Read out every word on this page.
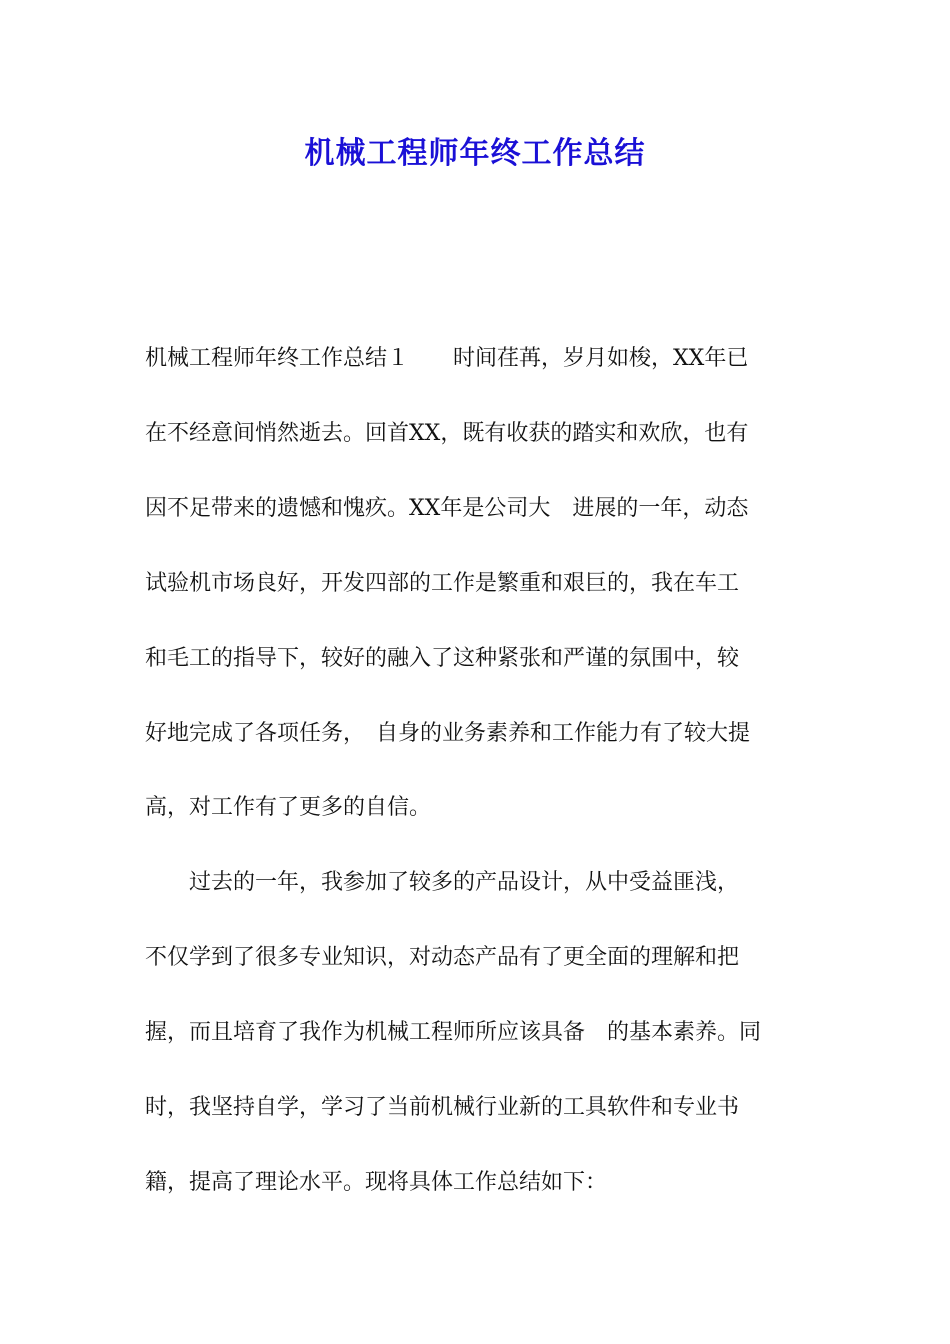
机械工程师年终工作总结
机械工程师年终工作总结１　　时间荏苒，岁月如梭，XX年已
在不经意间悄然逝去。回首XX，既有收获的踏实和欢欣，也有
因不足带来的遗憾和愧疚。XX年是公司大　进展的一年，动态
试验机市场良好，开发四部的工作是繁重和艰巨的，我在车工
和毛工的指导下，较好的融入了这种紧张和严谨的氛围中，较
好地完成了各项任务，　自身的业务素养和工作能力有了较大提
高，对工作有了更多的自信。
　　过去的一年，我参加了较多的产品设计，从中受益匪浅，
不仅学到了很多专业知识，对动态产品有了更全面的理解和把
握，而且培育了我作为机械工程师所应该具备　的基本素养。同
时，我坚持自学，学习了当前机械行业新的工具软件和专业书
籍，提高了理论水平。现将具体工作总结如下：
